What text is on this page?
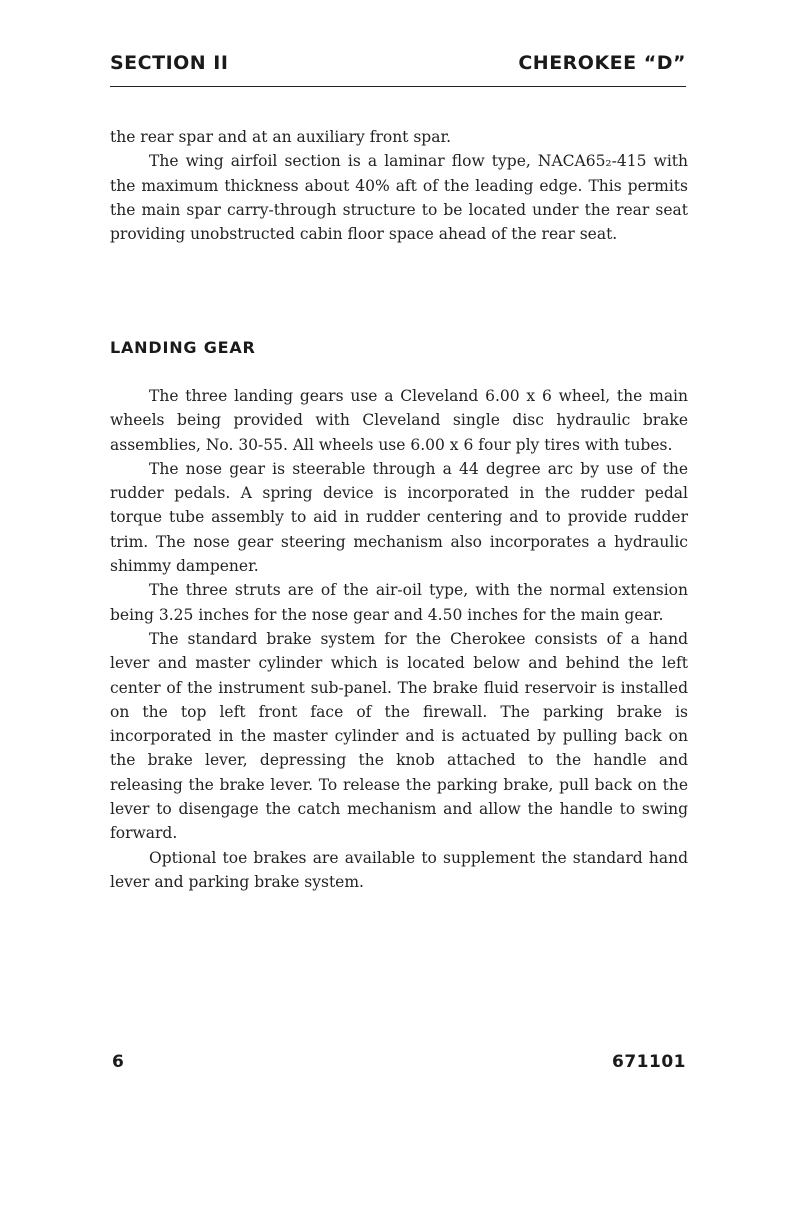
SECTION II	CHEROKEE “D”

the rear spar and at an auxiliary front spar.

The wing airfoil section is a laminar flow type, NACA65₂-415 with the maximum thickness about 40% aft of the leading edge. This permits the main spar carry-through structure to be located under the rear seat providing unobstructed cabin floor space ahead of the rear seat.

LANDING GEAR

The three landing gears use a Cleveland 6.00 x 6 wheel, the main wheels being provided with Cleveland single disc hydraulic brake assemblies, No. 30-55. All wheels use 6.00 x 6 four ply tires with tubes.

The nose gear is steerable through a 44 degree arc by use of the rudder pedals. A spring device is incorporated in the rudder pedal torque tube assembly to aid in rudder centering and to provide rudder trim. The nose gear steering mechanism also incorporates a hydraulic shimmy dampener.

The three struts are of the air-oil type, with the normal extension being 3.25 inches for the nose gear and 4.50 inches for the main gear.

The standard brake system for the Cherokee consists of a hand lever and master cylinder which is located below and behind the left center of the instrument sub-panel. The brake fluid reservoir is installed on the top left front face of the firewall. The parking brake is incorporated in the master cylinder and is actuated by pulling back on the brake lever, depressing the knob attached to the handle and releasing the brake lever. To release the parking brake, pull back on the lever to disengage the catch mechanism and allow the handle to swing forward.

Optional toe brakes are available to supplement the standard hand lever and parking brake system.

6	671101
